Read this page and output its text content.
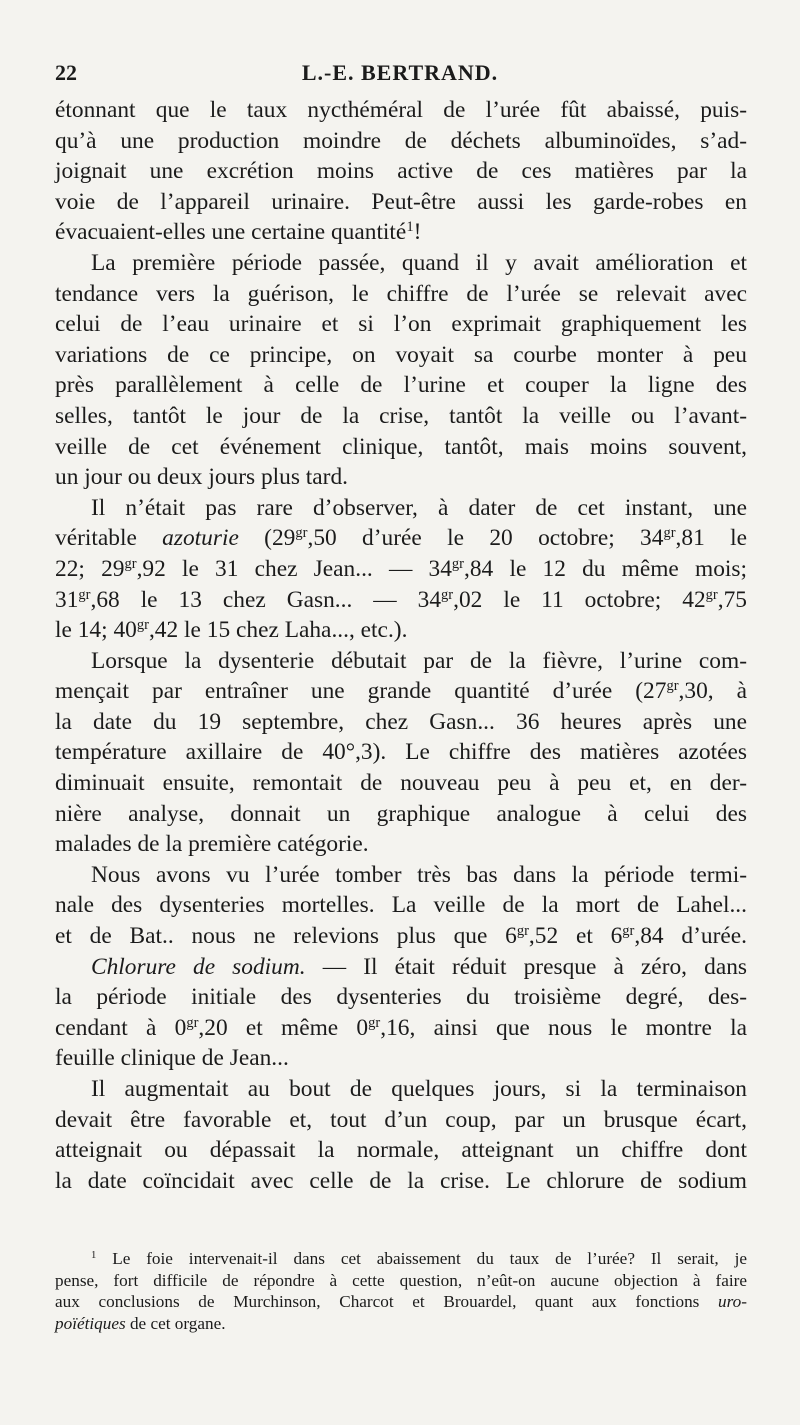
22	L.-E. BERTRAND.
étonnant que le taux nycthéméral de l’urée fût abaissé, puis-
qu’à une production moindre de déchets albuminoïdes, s’ad-
joignait une excrétion moins active de ces matières par la
voie de l’appareil urinaire. Peut-être aussi les garde-robes en
évacuaient-elles une certaine quantité$^1$!
La première période passée, quand il y avait amélioration et
tendance vers la guérison, le chiffre de l’urée se relevait avec
celui de l’eau urinaire et si l’on exprimait graphiquement les
variations de ce principe, on voyait sa courbe monter à peu
près parallèlement à celle de l’urine et couper la ligne des
selles, tantôt le jour de la crise, tantôt la veille ou l’avant-
veille de cet événement clinique, tantôt, mais moins souvent,
un jour ou deux jours plus tard.
Il n’était pas rare d’observer, à dater de cet instant, une
véritable azoturie ($29^{gr},50$ d’urée le 20 octobre; $34^{gr},81$ le
22; $29^{gr},92$ le 31 chez Jean... — $34^{gr},84$ le 12 du même mois;
$31^{gr},68$ le 13 chez Gasn... — $34^{gr},02$ le 11 octobre; $42^{gr},75$
le 14; $40^{gr},42$ le 15 chez Laha..., etc.).
Lorsque la dysenterie débutait par de la fièvre, l’urine com-
mençait par entraîner une grande quantité d’urée ($27^{gr},30$, à
la date du 19 septembre, chez Gasn... 36 heures après une
température axillaire de 40°,3). Le chiffre des matières azotées
diminuait ensuite, remontait de nouveau peu à peu et, en der-
nière analyse, donnait un graphique analogue à celui des
malades de la première catégorie.
Nous avons vu l’urée tomber très bas dans la période termi-
nale des dysenteries mortelles. La veille de la mort de Lahel...
et de Bat.. nous ne relevions plus que $6^{gr},52$ et $6^{gr},84$ d’urée.
Chlorure de sodium. — Il était réduit presque à zéro, dans
la période initiale des dysenteries du troisième degré, des-
cendant à $0^{gr},20$ et même $0^{gr},16$, ainsi que nous le montre la
feuille clinique de Jean...
Il augmentait au bout de quelques jours, si la terminaison
devait être favorable et, tout d’un coup, par un brusque écart,
atteignait ou dépassait la normale, atteignant un chiffre dont
la date coïncidait avec celle de la crise. Le chlorure de sodium
$^1$ Le foie intervenait-il dans cet abaissement du taux de l’urée? Il serait, je
pense, fort difficile de répondre à cette question, n’eût-on aucune objection à faire
aux conclusions de Murchinson, Charcot et Brouardel, quant aux fonctions uro-
poïétiques de cet organe.
